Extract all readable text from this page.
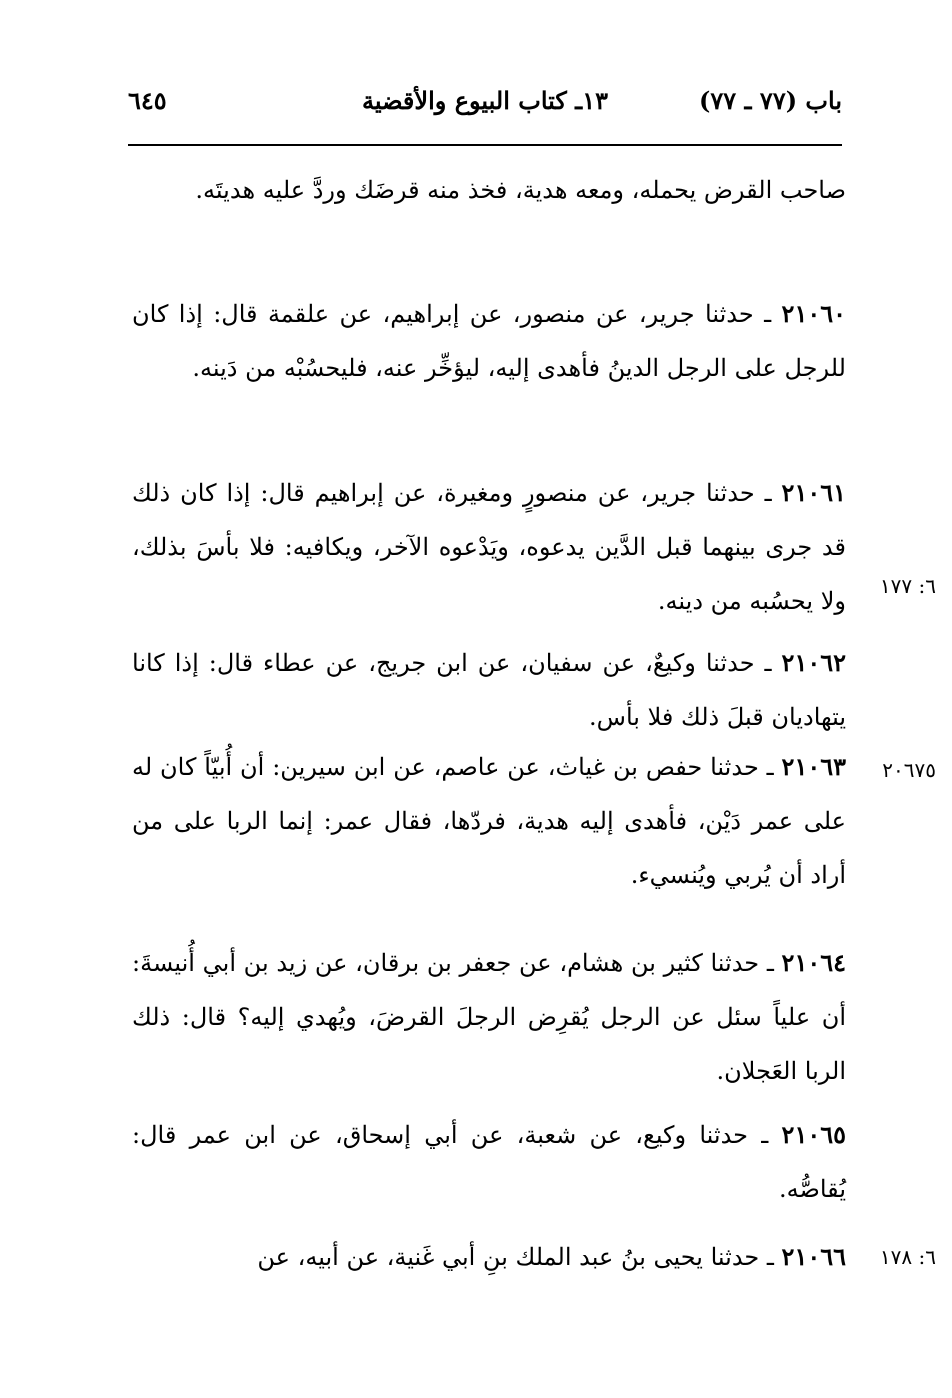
باب (٧٧ ـ ٧٧)
١٣ـ كتاب البيوع والأقضية
٦٤٥
صاحب القرض يحمله، ومعه هدية، فخذ منه قرضَك وردَّ عليه هديتَه.
٢١٠٦٠ ـ حدثنا جرير، عن منصور، عن إبراهيم، عن علقمة قال: إذا كان للرجل على الرجل الدينُ فأهدى إليه، ليؤخِّر عنه، فليحسُبْه من دَينه.
٢١٠٦١ ـ حدثنا جرير، عن منصورٍ ومغيرة، عن إبراهيم قال: إذا كان ذلك قد جرى بينهما قبل الدَّين يدعوه، ويَدْعوه الآخر، ويكافيه: فلا بأسَ بذلك، ولا يحسُبه من دينه.
٢١٠٦٢ ـ حدثنا وكيعٌ، عن سفيان، عن ابن جريج، عن عطاء قال: إذا كانا يتهاديان قبلَ ذلك فلا بأس.
٢١٠٦٣ ـ حدثنا حفص بن غياث، عن عاصم، عن ابن سيرين: أن أُبيّاً كان له على عمر دَيْن، فأهدى إليه هدية، فردّها، فقال عمر: إنما الربا على من أراد أن يُربي ويُنسيء.
٢١٠٦٤ ـ حدثنا كثير بن هشام، عن جعفر بن برقان، عن زيد بن أبي أُنيسةَ: أن علياً سئل عن الرجل يُقرِض الرجلَ القرضَ، ويُهدي إليه؟ قال: ذلك الربا العَجلان.
٢١٠٦٥ ـ حدثنا وكيع، عن شعبة، عن أبي إسحاق، عن ابن عمر قال: يُقاصُّه.
٢١٠٦٦ ـ حدثنا يحيى بنُ عبد الملك بنِ أبي غَنية، عن أبيه، عن
٦: ١٧٧
٢٠٦٧٥
٦: ١٧٨
